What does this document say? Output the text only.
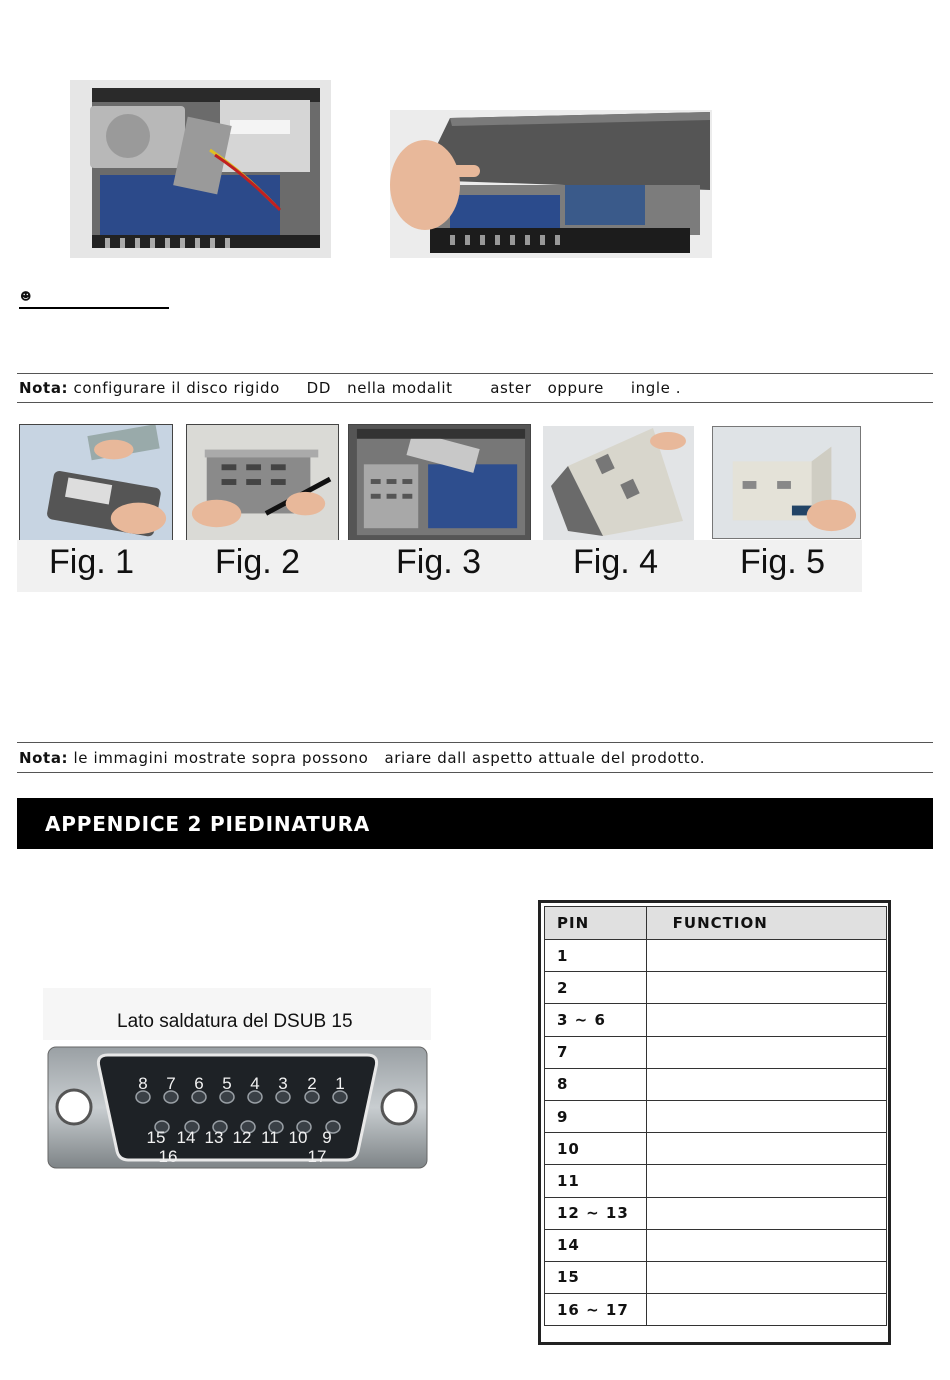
☻
Nota: configurare il disco rigido     DD   nella modalit       aster   oppure     ingle .
Fig. 1 Fig. 2	Fig. 3	Fig. 4 Fig. 5
Nota: le immagini mostrate sopra possono   ariare dall aspetto attuale del prodotto.
APPENDICE 2 PIEDINATURA
Lato saldatura del DSUB 15
8 7 6 5 4 3 2 1
15 14 13 12 11 10 9
16	17
PIN	FUNCTION
1	
2	
3 ~ 6	
7	
8	
9	
10	
11	
12 ~ 13	
14	
15	
16 ~ 17	
